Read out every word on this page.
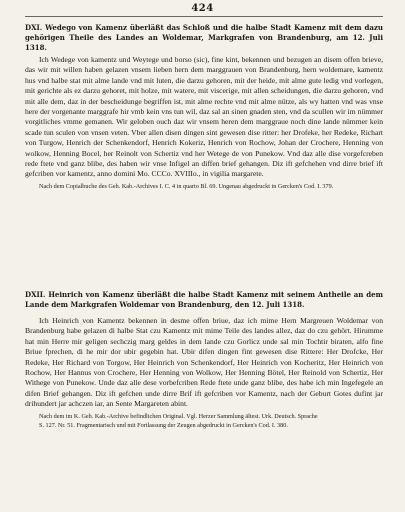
424

DXI. Wedego von Kamenz überläßt das Schloß und die halbe Stadt Kamenz mit dem dazu gehörigen Theile des Landes an Woldemar, Markgrafen von Brandenburg, am 12. Juli 1318.

Ich Wedege von kamentz und Weytege und borso (sic), fine kint, bekennen und bezugen an disem offen brieve, das wir mit willen haben gelazen vnsem lieben hern dem marggrauen von Brandenburg, hern woldemare, kamentz hus vnd halbe stat mit alme lande vnd mit luten, die darzu gehoren, mit der heide, mit alme gute ledig vnd vorlegen, mit gerichte als ez darzu gehoret, mit holze, mit watere, mit viscerige, mit allen scheidungen, die darzu gehoren, vnd mit alle dem, daz in der bescheidunge begriffen ist, mit alme rechte vnd mit alme nütze, als wy hatten vnd was vnse here der vorgenante marggrafe hir vmb kein vns tun wil, daz sal an sinen gnaden sten, vnd da scullen wir im nümmer vorgitliches vmme gemanen. Wir geloben ouch daz wir vnsem heren dem marggraue noch dine lande nümmer kein scade tun sculen von vnsen veten. Vber allen disen dingen sint gewesen dise ritter: her Drofeke, her Redeke, Richart von Turgow, Henrich der Schenkendorf, Henrich Kokeriz, Henrich von Rochow, Johan der Crochere, Henning von wolkow, Henning Bocel, her Reinolt von Schertiz vnd her Wetege de von Punekow. Vnd daz alle dise vorgefcreben rede ftete vnd ganz blibe, des haben wir vnse Infigel an diffen brief gehangen. Diz ift gefchehen vnd dirre brief ift gefcriben vor kamentz, anno domini Mo. CCCo. XVIIIo., in vigilia margarete.

Nach dem Copialbuche des Geh. Kab.-Archives I. C. 4 in quarto Bl. 69. Ungenau abgedruckt in Gercken's Cod. I. 379.

DXII. Heinrich von Kamenz überläßt die halbe Stadt Kamenz mit seinem Antheile an dem Lande dem Markgrafen Woldemar von Brandenburg, den 12. Juli 1318.

Ich Heinrich von Kamentz bekennen in desme offen briue, daz ich mime Hern Margreuen Woldemar von Brandenburg habe gelazen di halbe Stat czu Kamentz mit mime Teile des landes allez, daz do czu gehört. Hirumme hat min Herre mir geligen sechczig marg geldes in dem lande czu Gorlicz unde sal min Tochtir biraten, alfo fine Briue fprechen, di he mir dor ubir gegebin hat. Ubir difen dingen fint gewesen dise Rittere: Her Drofcke, Her Redeke, Her Richard von Torgow, Her Heinrich von Schenkendorf, Her Heinrich von Kocheritz, Her Heinrich von Rochow, Her Hannus von Crochere, Her Henning von Wolkow, Her Henning Bötel, Her Reinold von Schertiz, Her Withege von Punekow. Unde daz alle dese vorbefcriben Rede ftete unde ganz blibe, des habe ich min Ingefegele an difen Brief gehangen. Diz ift gefchen unde dirre Brif ift gefcriben vor Kamentz, nach der Geburt Gotes dufint jar drihundert jar achczen iar, an Sente Margareten abint.

Nach dem im K. Geh. Kab.-Archive befindlichen Original. Vgl. Herzer Sammlung ältest. Urk. Deutsch. Sprache

S. 127. Nr. 51. Fragmentarisch und mit Fortlassung der Zeugen abgedruckt in Gercken's Cod. I. 380.
